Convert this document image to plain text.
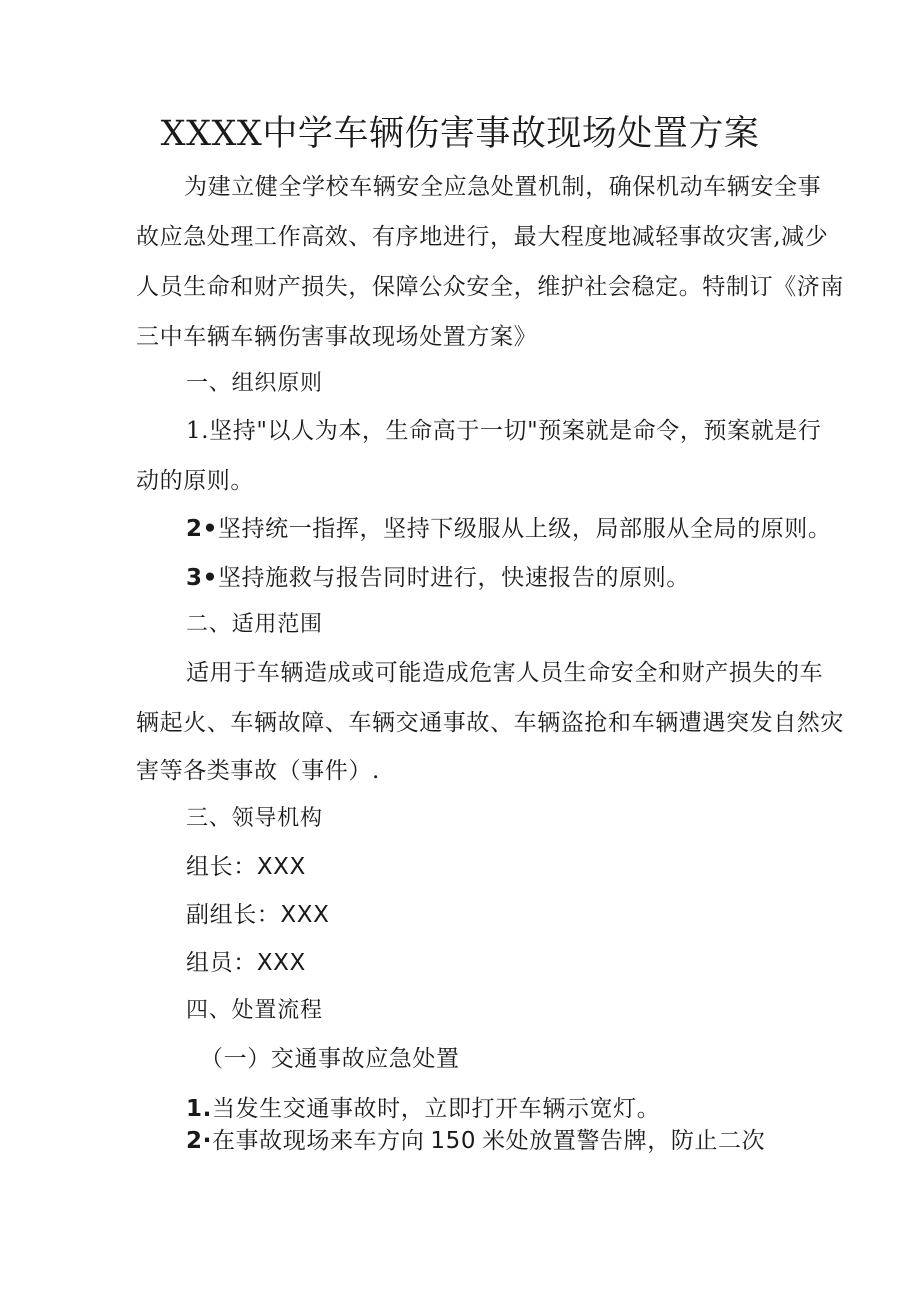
XXXX中学车辆伤害事故现场处置方案
为建立健全学校车辆安全应急处置机制，确保机动车辆安全事
故应急处理工作高效、有序地进行，最大程度地减轻事故灾害,减少
人员生命和财产损失，保障公众安全，维护社会稳定。特制订《济南
三中车辆车辆伤害事故现场处置方案》
一、组织原则
1.坚持"以人为本，生命高于一切"预案就是命令，预案就是行
动的原则。
2•坚持统一指挥，坚持下级服从上级，局部服从全局的原则。
3•坚持施救与报告同时进行，快速报告的原则。
二、适用范围
适用于车辆造成或可能造成危害人员生命安全和财产损失的车
辆起火、车辆故障、车辆交通事故、车辆盗抢和车辆遭遇突发自然灾
害等各类事故（事件）.
三、领导机构
组长：XXX
副组长：XXX
组员：XXX
四、处置流程
（一）交通事故应急处置
1.当发生交通事故时，立即打开车辆示宽灯。
2·在事故现场来车方向 150 米处放置警告牌，防止二次
